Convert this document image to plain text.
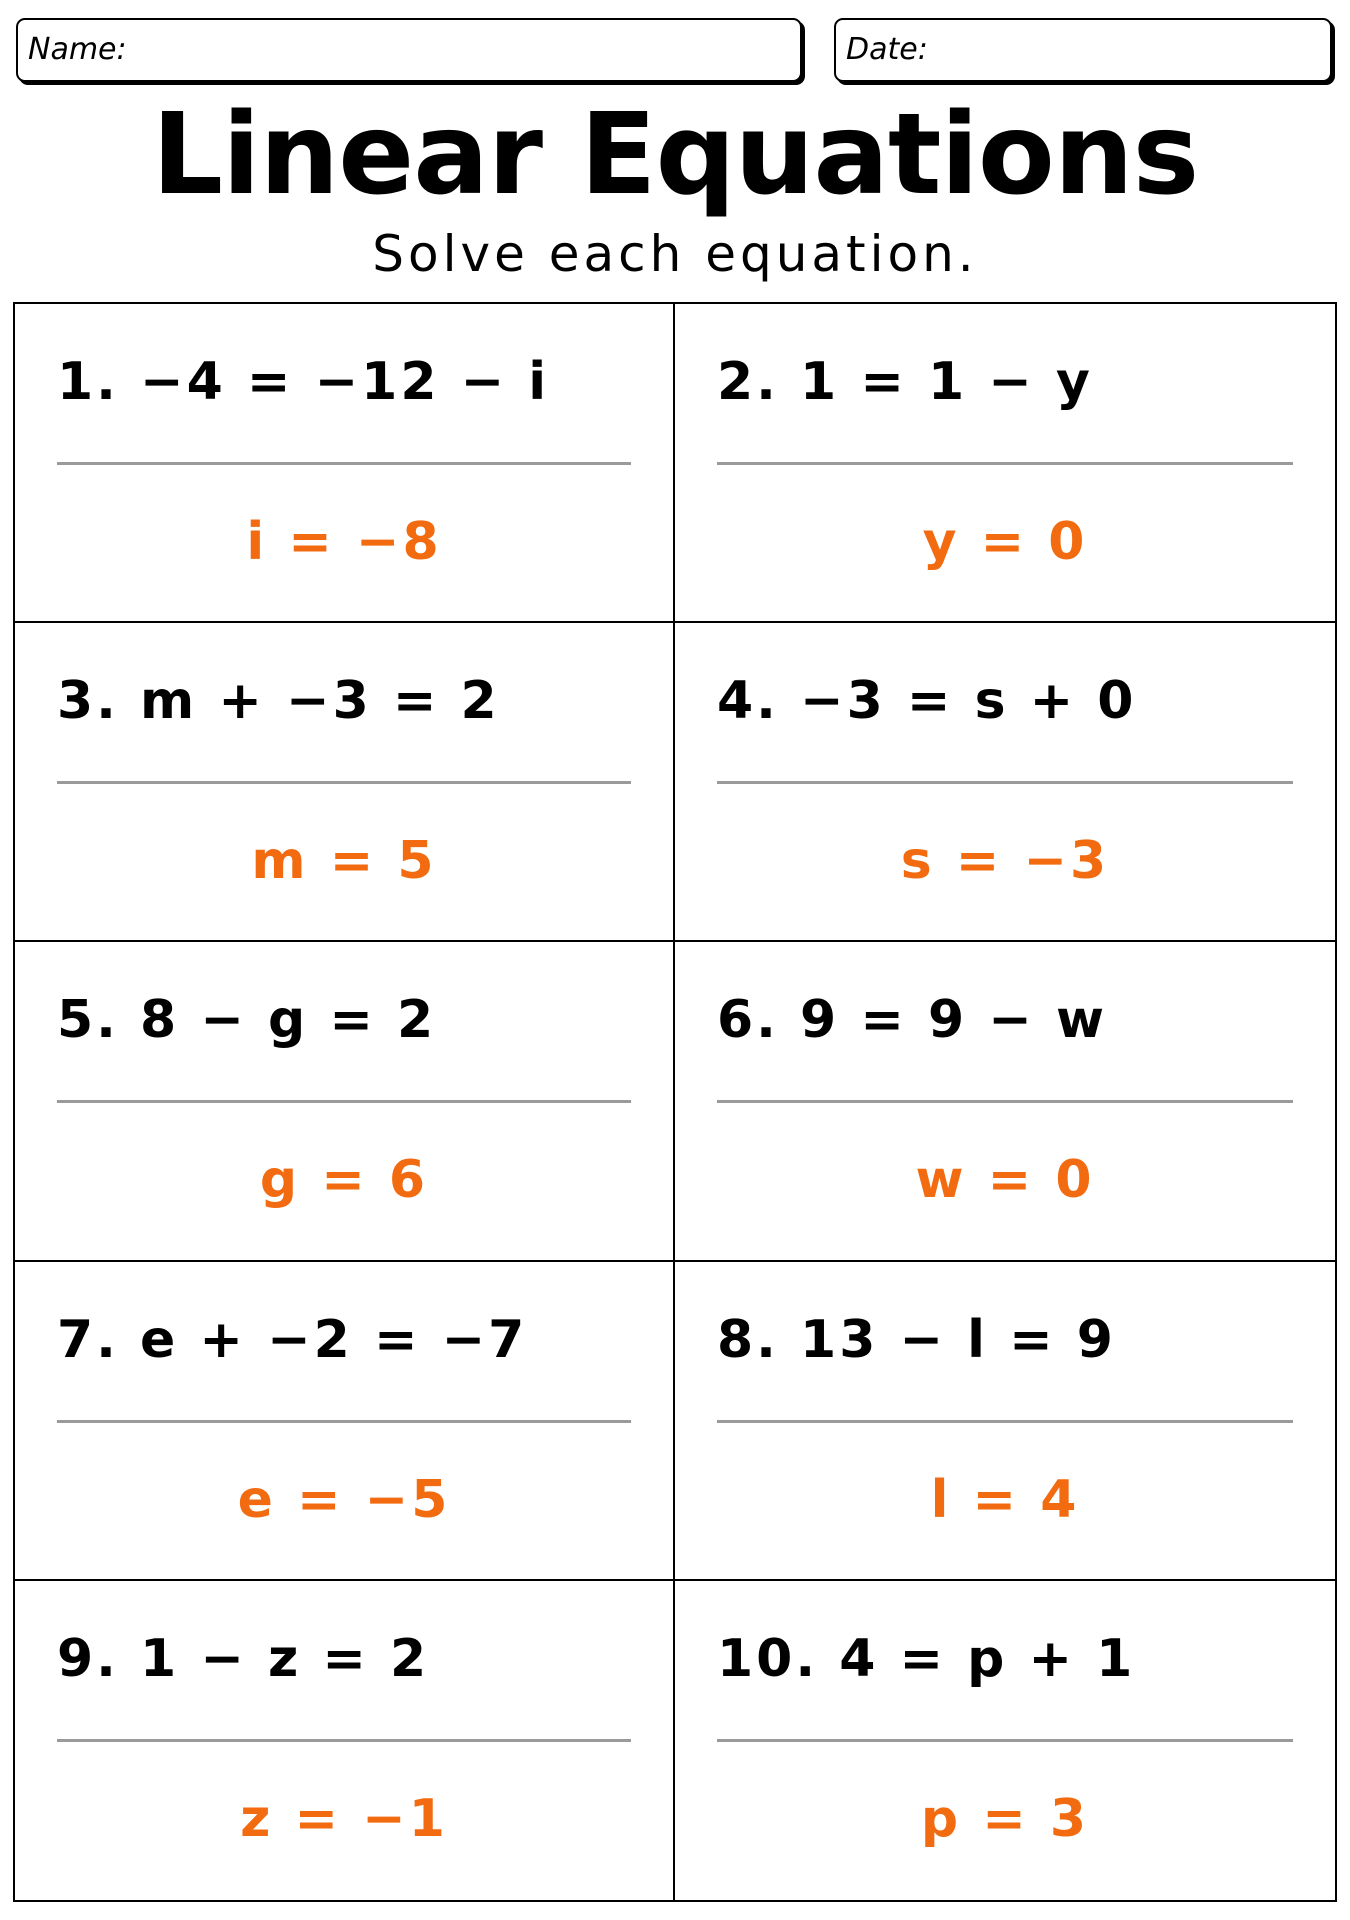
Name:	Date:
Linear Equations
Solve each equation.
1. −4 = −12 − i
i = −8
2. 1 = 1 − y
y = 0
3. m + −3 = 2
m = 5
4. −3 = s + 0
s = −3
5. 8 − g = 2
g = 6
6. 9 = 9 − w
w = 0
7. e + −2 = −7
e = −5
8. 13 − l = 9
l = 4
9. 1 − z = 2
z = −1
10. 4 = p + 1
p = 3
